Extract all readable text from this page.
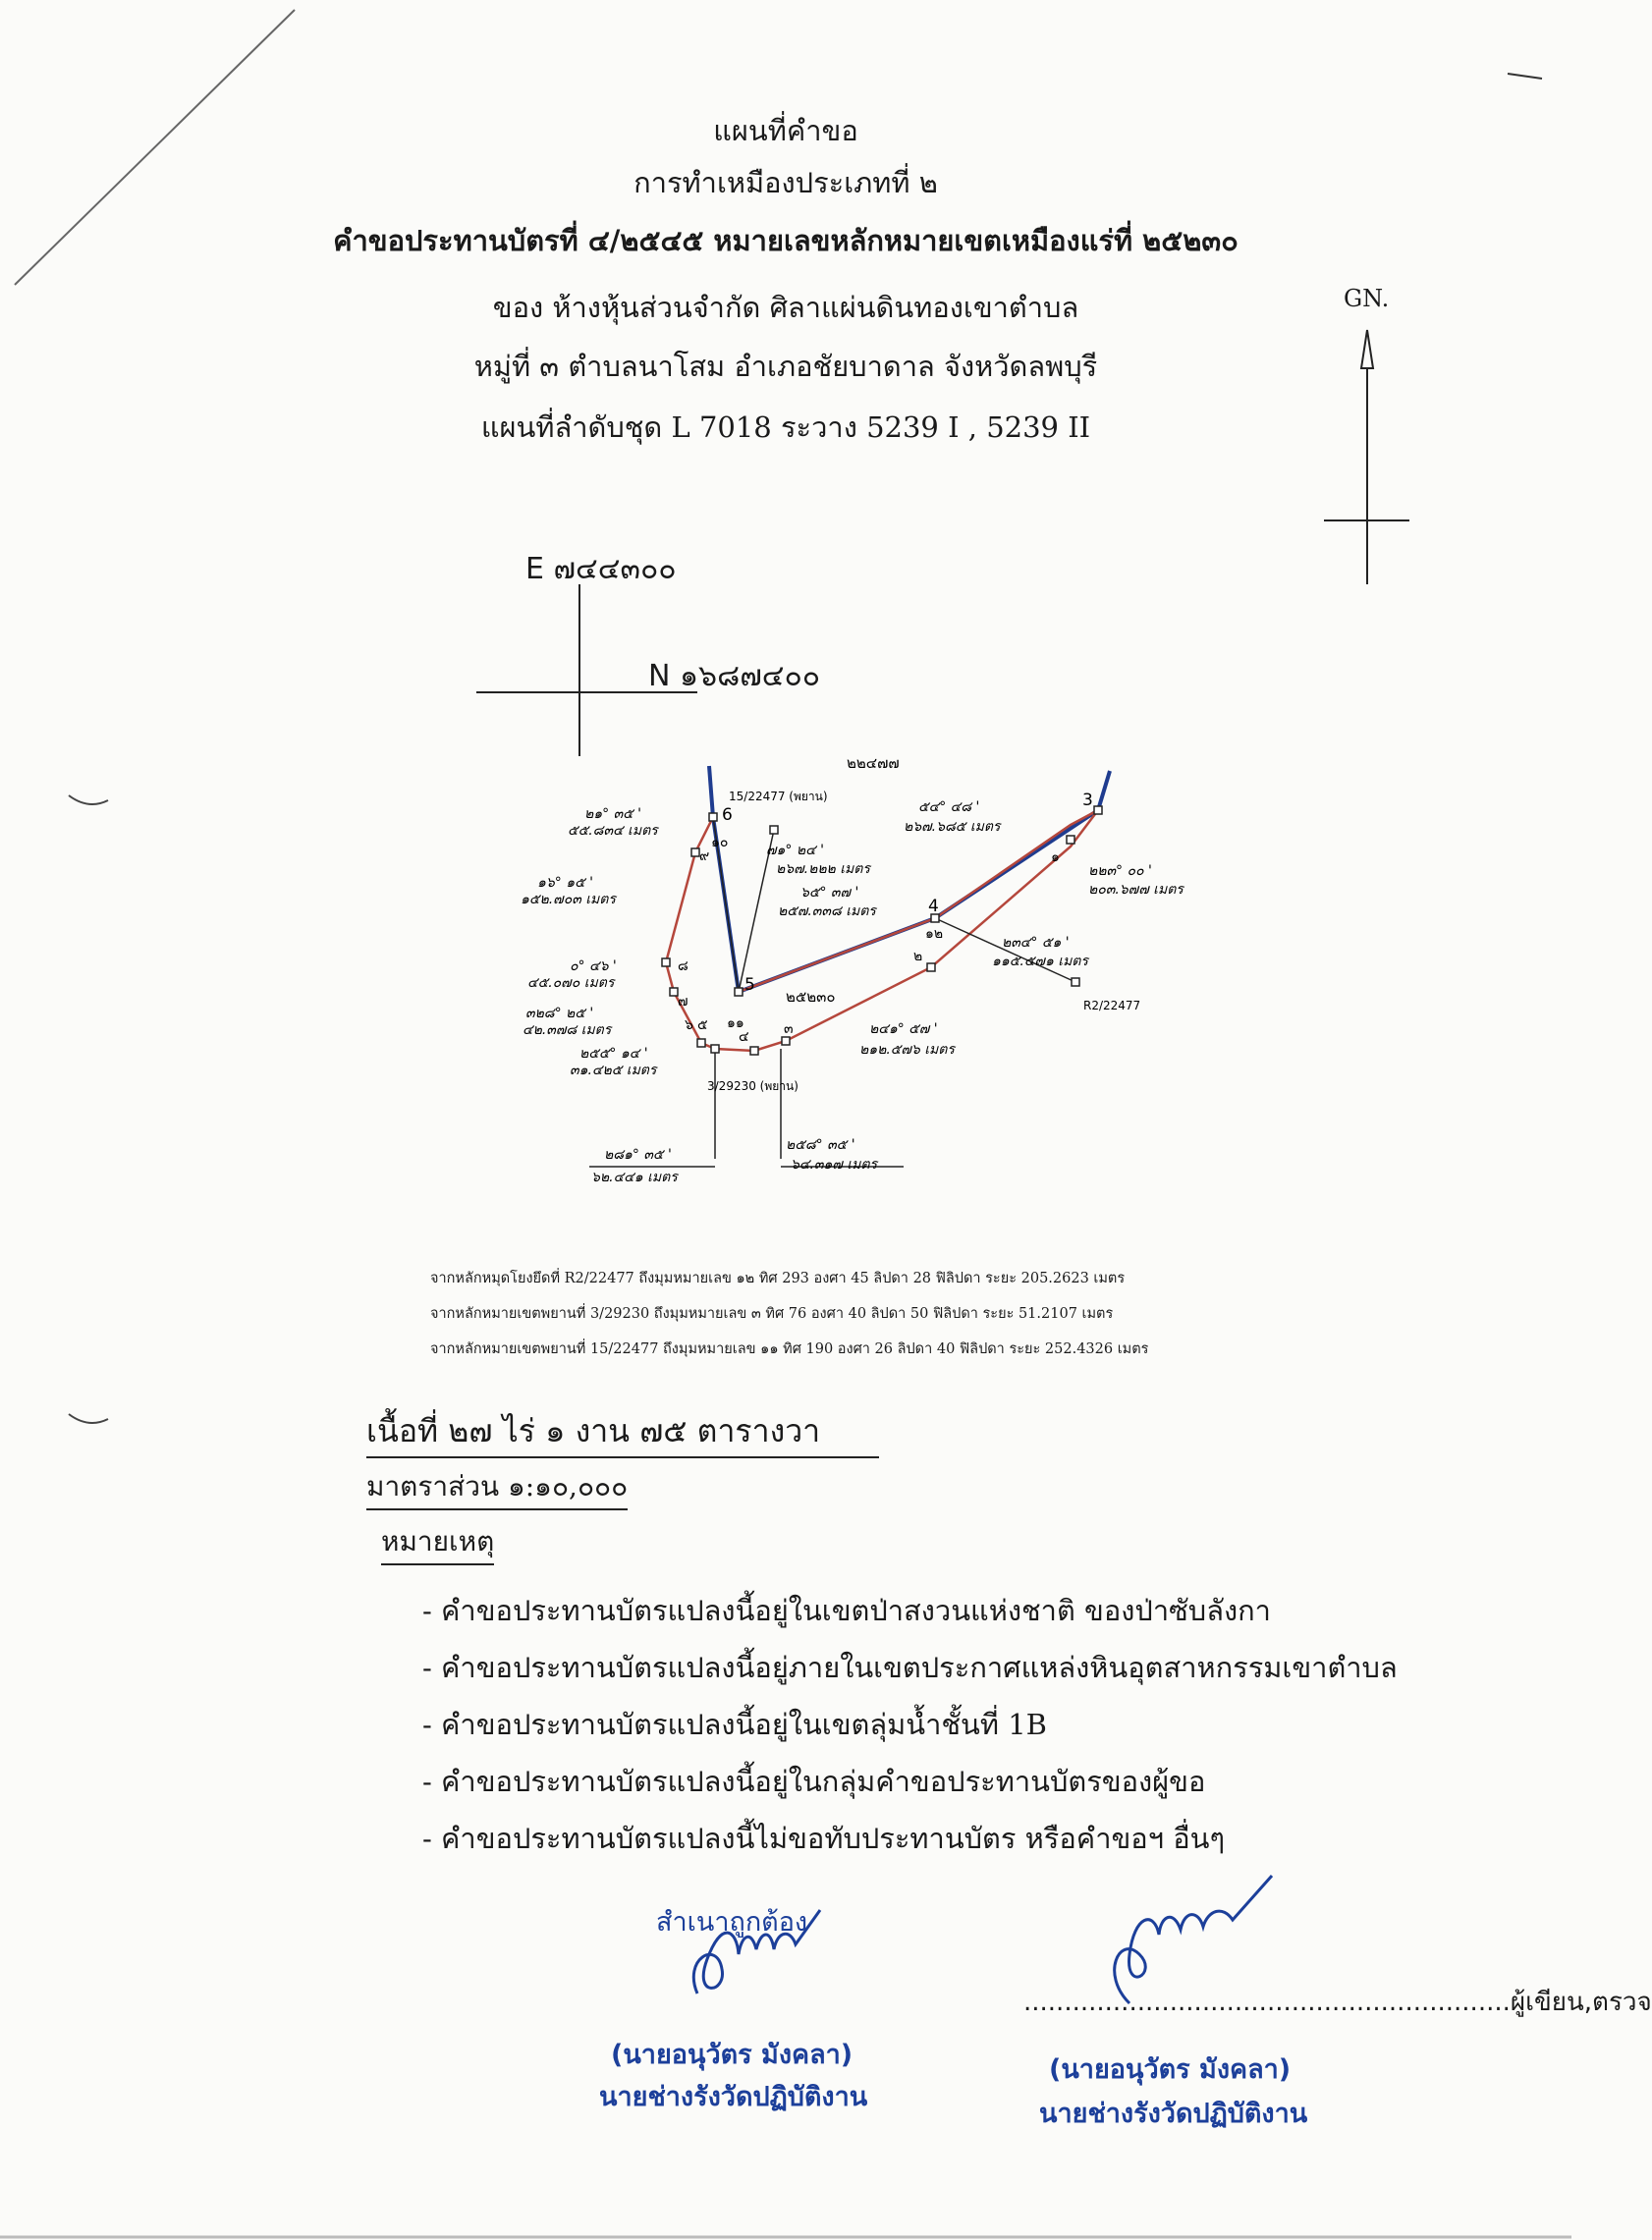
แผนที่คำขอ
การทำเหมืองประเภทที่ ๒
คำขอประทานบัตรที่ ๔/๒๕๔๕ หมายเลขหลักหมายเขตเหมืองแร่ที่ ๒๕๒๓๐
ของ ห้างหุ้นส่วนจำกัด ศิลาแผ่นดินทองเขาตำบล
หมู่ที่ ๓ ตำบลนาโสม อำเภอชัยบาดาล จังหวัดลพบุรี
แผนที่ลำดับชุด L 7018 ระวาง 5239 I , 5239 II
GN.
E ๗๔๔๓๐๐
N ๑๖๘๗๔๐๐
6
3
4
5
๑
๒
๓
๔
๕
๖
๗
๘
๙
๑๐
๑๑
๑๒
๒๒๔๗๗
๒๕๒๓๐
15/22477 (พยาน)
3/29230 (พยาน)
R2/22477
๒๑° ๓๕ '
๕๕.๘๓๔ เมตร
๑๖° ๑๕ '
๑๕๒.๗๐๓ เมตร
๐° ๔๖ '
๔๕.๐๗๐ เมตร
๓๒๘° ๒๕ '
๔๒.๓๗๘ เมตร
๒๕๕° ๑๔ '
๓๑.๔๒๕ เมตร
๒๘๑° ๓๕ '
๖๒.๔๔๑ เมตร
๒๕๘° ๓๕ '
๖๔.๓๑๗ เมตร
๒๔๑° ๕๗ '
๒๑๒.๕๗๖ เมตร
๒๓๔° ๕๑ '
๑๑๕.๕๗๑ เมตร
๒๒๓° ๐๐ '
๒๐๓.๖๗๗ เมตร
๕๔° ๔๘ '
๒๖๗.๖๘๕ เมตร
๗๑° ๒๔ '
๒๖๗.๒๒๒ เมตร
๖๕° ๓๗ '
๒๕๗.๓๓๘ เมตร
จากหลักหมุดโยงยึดที่ R2/22477 ถึงมุมหมายเลข ๑๒ ทิศ 293 องศา 45 ลิปดา 28 ฟิลิปดา ระยะ 205.2623 เมตร
จากหลักหมายเขตพยานที่ 3/29230 ถึงมุมหมายเลข ๓ ทิศ 76 องศา 40 ลิปดา 50 ฟิลิปดา ระยะ 51.2107 เมตร
จากหลักหมายเขตพยานที่ 15/22477 ถึงมุมหมายเลข ๑๑ ทิศ 190 องศา 26 ลิปดา 40 ฟิลิปดา ระยะ 252.4326 เมตร
เนื้อที่ ๒๗ ไร่ ๑ งาน ๗๕ ตารางวา
มาตราส่วน ๑:๑๐,๐๐๐
หมายเหตุ
- คำขอประทานบัตรแปลงนี้อยู่ในเขตป่าสงวนแห่งชาติ ของป่าซับลังกา
- คำขอประทานบัตรแปลงนี้อยู่ภายในเขตประกาศแหล่งหินอุตสาหกรรมเขาตำบล
- คำขอประทานบัตรแปลงนี้อยู่ในเขตลุ่มน้ำชั้นที่ 1B
- คำขอประทานบัตรแปลงนี้อยู่ในกลุ่มคำขอประทานบัตรของผู้ขอ
- คำขอประทานบัตรแปลงนี้ไม่ขอทับประทานบัตร หรือคำขอฯ อื่นๆ
สำเนาถูกต้อง
(นายอนุวัตร มังคลา)
นายช่างรังวัดปฏิบัติงาน
............................................................ผู้เขียน,ตรวจ
(นายอนุวัตร มังคลา)
นายช่างรังวัดปฏิบัติงาน
